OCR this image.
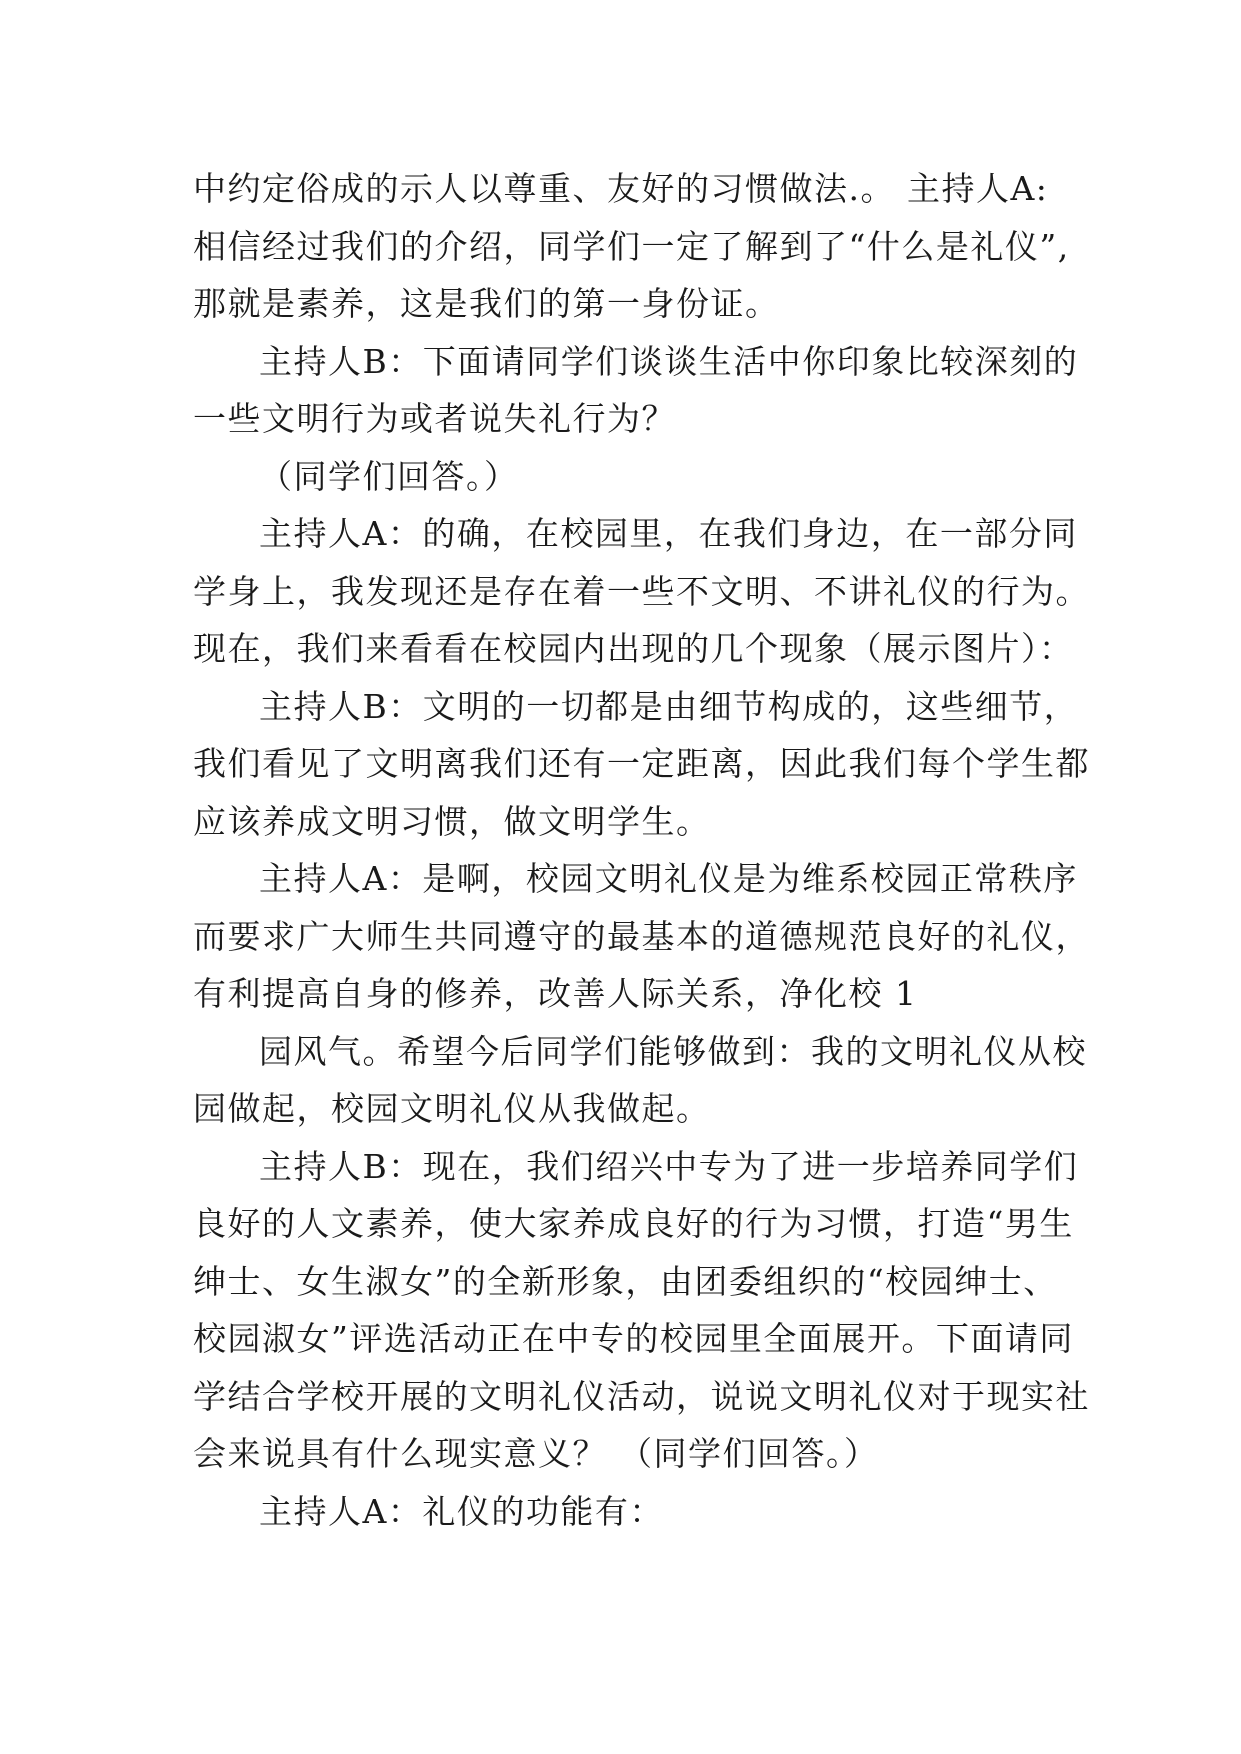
中约定俗成的示人以尊重、友好的习惯做法.。 主持人A:
相信经过我们的介绍，同学们一定了解到了“什么是礼仪”,
那就是素养，这是我们的第一身份证。
主持人B：下面请同学们谈谈生活中你印象比较深刻的
一些文明行为或者说失礼行为？
（同学们回答。）
主持人A：的确，在校园里，在我们身边，在一部分同
学身上，我发现还是存在着一些不文明、不讲礼仪的行为。
现在，我们来看看在校园内出现的几个现象（展示图片）：
主持人B：文明的一切都是由细节构成的，这些细节，
我们看见了文明离我们还有一定距离，因此我们每个学生都
应该养成文明习惯，做文明学生。
主持人A：是啊，校园文明礼仪是为维系校园正常秩序
而要求广大师生共同遵守的最基本的道德规范良好的礼仪，
有利提高自身的修养，改善人际关系，净化校 1
园风气。希望今后同学们能够做到：我的文明礼仪从校
园做起，校园文明礼仪从我做起。
主持人B：现在，我们绍兴中专为了进一步培养同学们
良好的人文素养，使大家养成良好的行为习惯，打造“男生
绅士、女生淑女”的全新形象，由团委组织的“校园绅士、
校园淑女”评选活动正在中专的校园里全面展开。下面请同
学结合学校开展的文明礼仪活动，说说文明礼仪对于现实社
会来说具有什么现实意义？ （同学们回答。）
主持人A：礼仪的功能有：
